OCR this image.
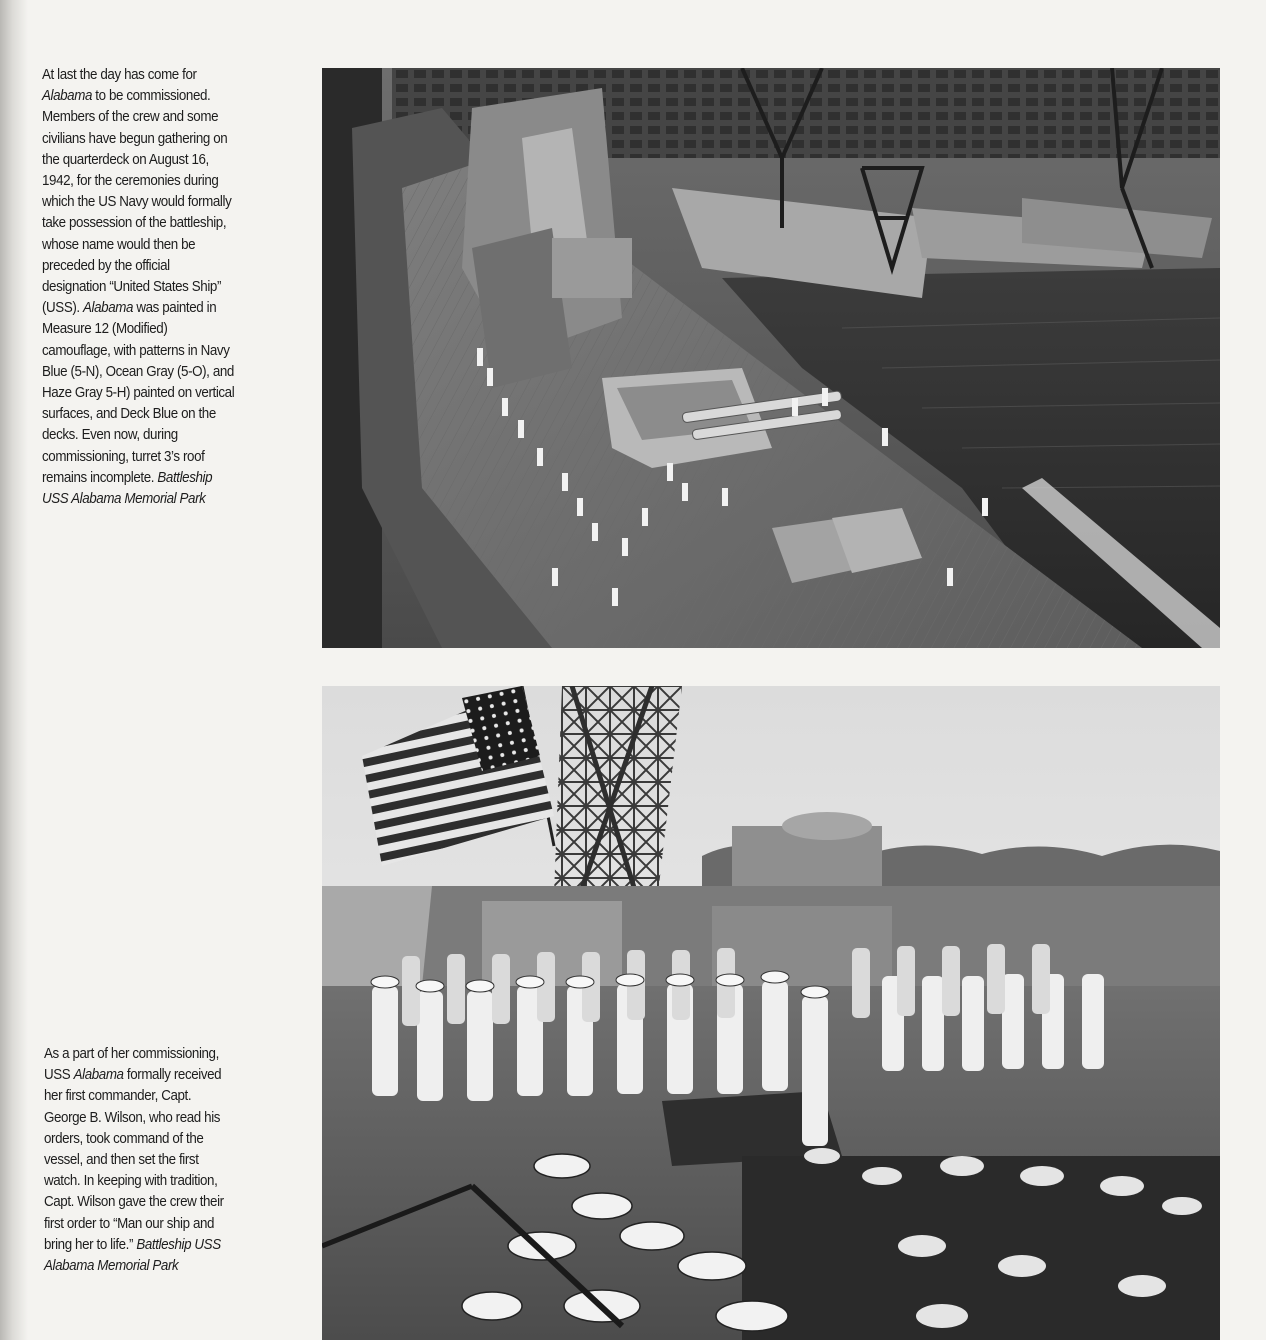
At last the day has come for
Alabama to be commissioned.
Members of the crew and some
civilians have begun gathering on
the quarterdeck on August 16,
1942, for the ceremonies during
which the US Navy would formally
take possession of the battleship,
whose name would then be
preceded by the official
designation “United States Ship”
(USS). Alabama was painted in
Measure 12 (Modified)
camouflage, with patterns in Navy
Blue (5-N), Ocean Gray (5-O), and
Haze Gray 5-H) painted on vertical
surfaces, and Deck Blue on the
decks. Even now, during
commissioning, turret 3’s roof
remains incomplete. Battleship
USS Alabama Memorial Park
As a part of her commissioning,
USS Alabama formally received
her first commander, Capt.
George B. Wilson, who read his
orders, took command of the
vessel, and then set the first
watch. In keeping with tradition,
Capt. Wilson gave the crew their
first order to “Man our ship and
bring her to life.” Battleship USS
Alabama Memorial Park
